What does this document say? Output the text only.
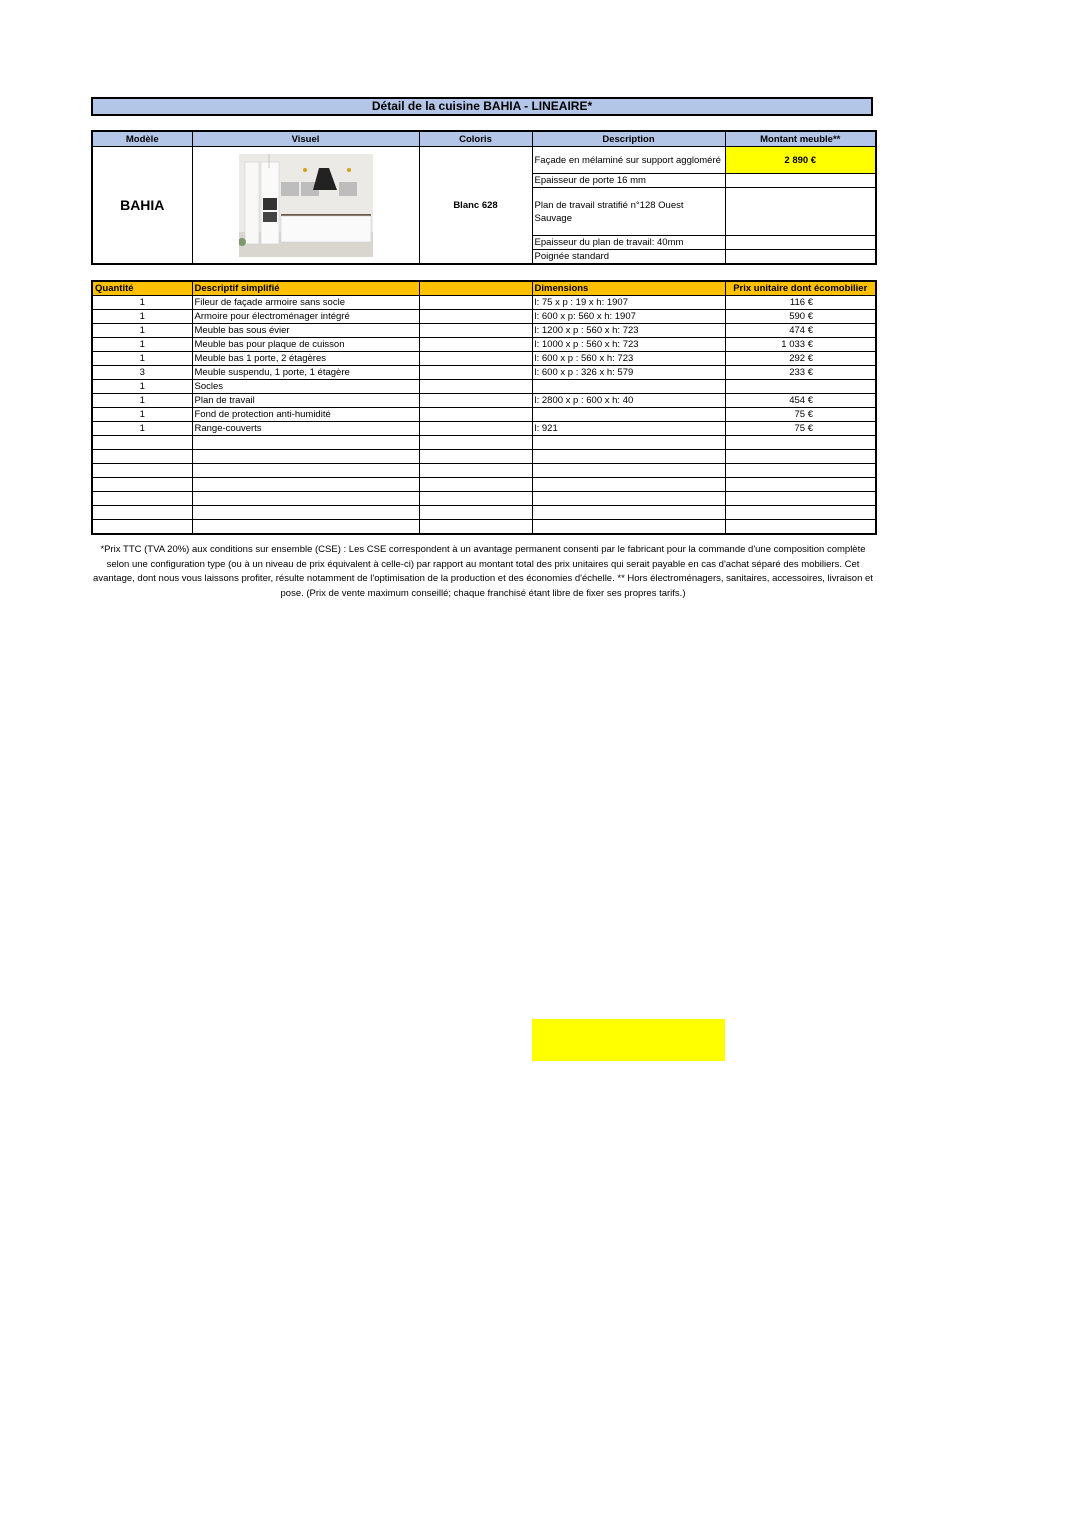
Détail de la cuisine BAHIA - LINEAIRE*
Modèle	Visuel	Coloris	Description	Montant meuble**
BAHIA		Blanc 628	Façade en mélaminé sur support aggloméré	2 890 €
			Epaisseur de porte 16 mm	
			Plan de travail stratifié n°128 Ouest Sauvage	
			Epaisseur du plan de travail: 40mm	
			Poignée standard	
Quantité	Descriptif simplifié		Dimensions	Prix unitaire dont écomobilier
1	Fileur de façade armoire sans socle		l: 75 x p : 19 x h: 1907	116 €
1	Armoire pour électroménager intégré		l: 600 x p: 560 x h: 1907	590 €
1	Meuble bas sous évier		l: 1200 x p : 560 x h: 723	474 €
1	Meuble bas pour plaque de cuisson		l: 1000 x p : 560 x h: 723	1 033 €
1	Meuble bas 1 porte, 2 étagères		l: 600 x p : 560 x h: 723	292 €
3	Meuble suspendu, 1 porte, 1 étagère		l: 600 x p : 326 x h: 579	233 €
1	Socles			
1	Plan de travail		l: 2800 x p : 600 x h: 40	454 €
1	Fond de protection anti-humidité			75 €
1	Range-couverts		l: 921	75 €

*Prix TTC (TVA 20%) aux conditions sur ensemble (CSE) : Les CSE correspondent à un avantage permanent consenti par le fabricant pour la commande d'une composition complète selon une configuration type (ou à un niveau de prix équivalent à celle-ci) par rapport au montant total des prix unitaires qui serait payable en cas d'achat séparé des mobiliers. Cet avantage, dont nous vous laissons profiter, résulte notamment de l'optimisation de la production et des économies d'échelle. ** Hors électroménagers, sanitaires, accessoires, livraison et pose. (Prix de vente maximum conseillé; chaque franchisé étant libre de fixer ses propres tarifs.)
